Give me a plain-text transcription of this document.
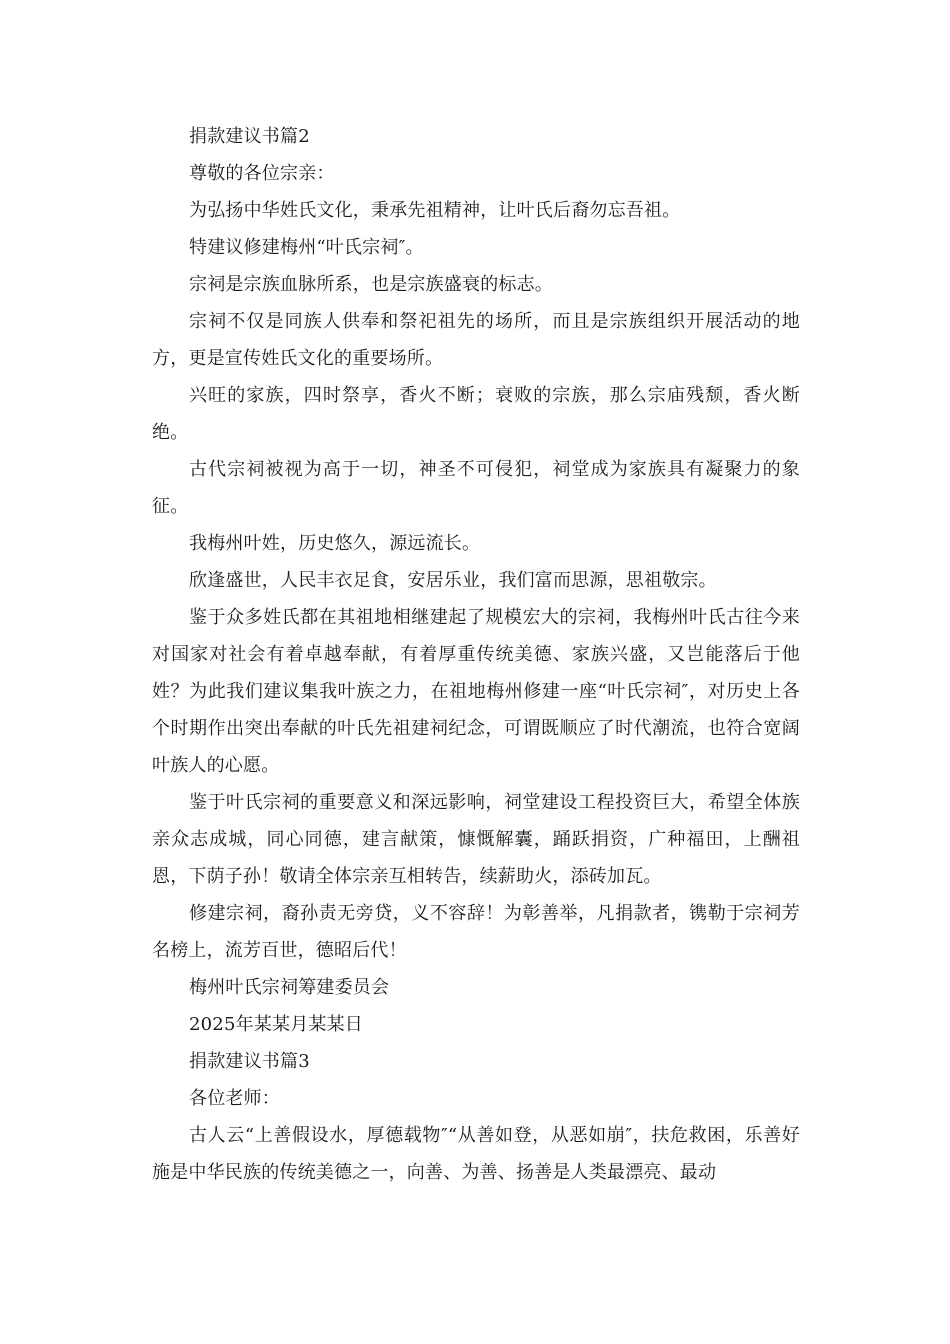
捐款建议书篇2

尊敬的各位宗亲：

为弘扬中华姓氏文化，秉承先祖精神，让叶氏后裔勿忘吾祖。

特建议修建梅州“叶氏宗祠″。

宗祠是宗族血脉所系，也是宗族盛衰的标志。

宗祠不仅是同族人供奉和祭祀祖先的场所，而且是宗族组织开展活动的地方，更是宣传姓氏文化的重要场所。

兴旺的家族，四时祭享，香火不断；衰败的宗族，那么宗庙残颓，香火断绝。

古代宗祠被视为高于一切，神圣不可侵犯，祠堂成为家族具有凝聚力的象征。

我梅州叶姓，历史悠久，源远流长。

欣逢盛世，人民丰衣足食，安居乐业，我们富而思源，思祖敬宗。

鉴于众多姓氏都在其祖地相继建起了规模宏大的宗祠，我梅州叶氏古往今来对国家对社会有着卓越奉献，有着厚重传统美德、家族兴盛，又岂能落后于他姓？为此我们建议集我叶族之力，在祖地梅州修建一座“叶氏宗祠″，对历史上各个时期作出突出奉献的叶氏先祖建祠纪念，可谓既顺应了时代潮流，也符合宽阔叶族人的心愿。

鉴于叶氏宗祠的重要意义和深远影响，祠堂建设工程投资巨大，希望全体族亲众志成城，同心同德，建言献策，慷慨解囊，踊跃捐资，广种福田，上酬祖恩，下荫子孙！敬请全体宗亲互相转告，续薪助火，添砖加瓦。

修建宗祠，裔孙责无旁贷，义不容辞！为彰善举，凡捐款者，镌勒于宗祠芳名榜上，流芳百世，德昭后代！

梅州叶氏宗祠筹建委员会

2025年某某月某某日

捐款建议书篇3

各位老师：

古人云“上善假设水，厚德载物″“从善如登，从恶如崩″，扶危救困，乐善好施是中华民族的传统美德之一，向善、为善、扬善是人类最漂亮、最动
